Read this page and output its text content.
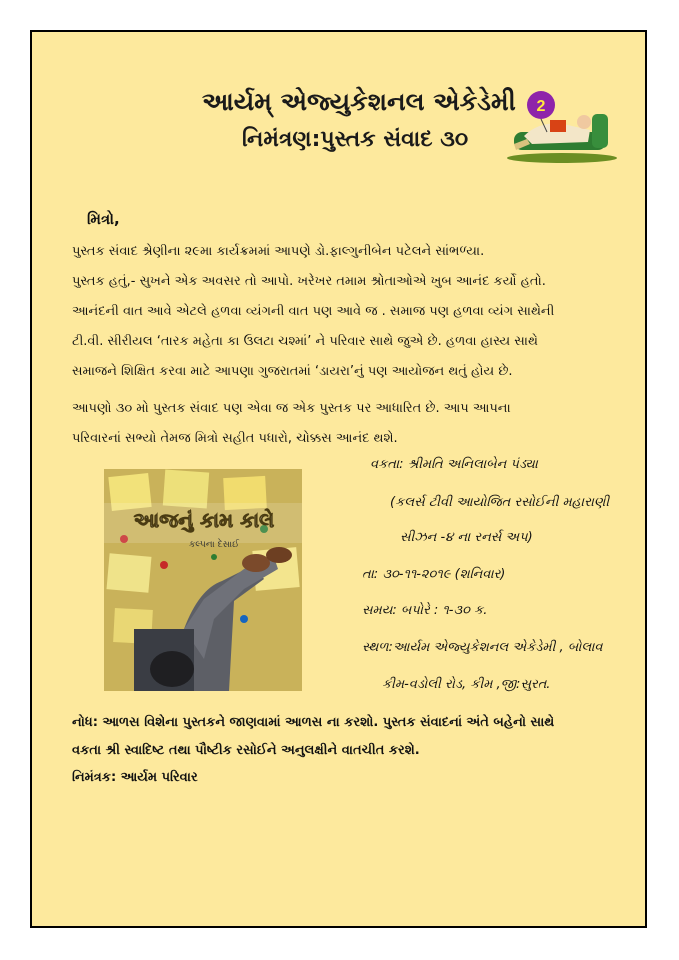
આર્યમ્ એજ્યુકેશનલ એકેડેમી
નિમંત્રણ:પુસ્તક સંવાદ ૩૦
2
મિત્રો,

પુસ્તક સંવાદ શ્રેણીના ૨૯મા કાર્યક્રમમાં આપણે ડો.ફાલ્ગુનીબેન પટેલને સાંભળ્યા.

પુસ્તક હતું,- સુખને એક અવસર તો આપો. ખરેખર તમામ શ્રોતાઓએ ખુબ આનંદ કર્યો હતો.

આનંદની વાત આવે એટલે હળવા વ્યંગની વાત પણ આવે જ . સમાજ પણ હળવા વ્યંગ સાથેની

ટી.વી. સીરીયલ ‘તારક મહેતા કા ઉલટા ચશ્માં’ ને પરિવાર સાથે જુએ છે. હળવા હાસ્ય સાથે

સમાજને શિક્ષિત કરવા માટે આપણા ગુજરાતમાં ‘ડાયરા’નું પણ આયોજન થતું હોય છે.

આપણો ૩૦ મો પુસ્તક સંવાદ પણ એવા જ એક પુસ્તક પર આધારિત છે. આપ આપના

પરિવારનાં સભ્યો તેમજ મિત્રો સહીત પધારો, ચોક્કસ આનંદ થશે.

આજનું કામ કાલે
કલ્પના દેસાઈ
વકતા: શ્રીમતિ અનિલાબેન પંડ્યા
(કલર્સ ટીવી આયોજિત રસોઈની મહારાણી
સીઝન -૪ ના રનર્સ અપ)
તા: ૩૦-૧૧-૨૦૧૯ (શનિવાર)
સમય: બપોરે : ૧-૩૦ ક.
સ્થળ:આર્યમ એજ્યુકેશનલ એકેડેમી , બોલાવ
કીમ-વડોલી રોડ, કીમ ,જી:સુરત.

નોધ: આળસ વિશેના પુસ્તકને જાણવામાં આળસ ના કરશો. પુસ્તક સંવાદનાં અંતે બહેનો સાથે

વકતા શ્રી સ્વાદિષ્ટ તથા પૌષ્ટીક રસોઈને અનુલક્ષીને વાતચીત કરશે.

નિમંત્રક: આર્યમ પરિવાર
